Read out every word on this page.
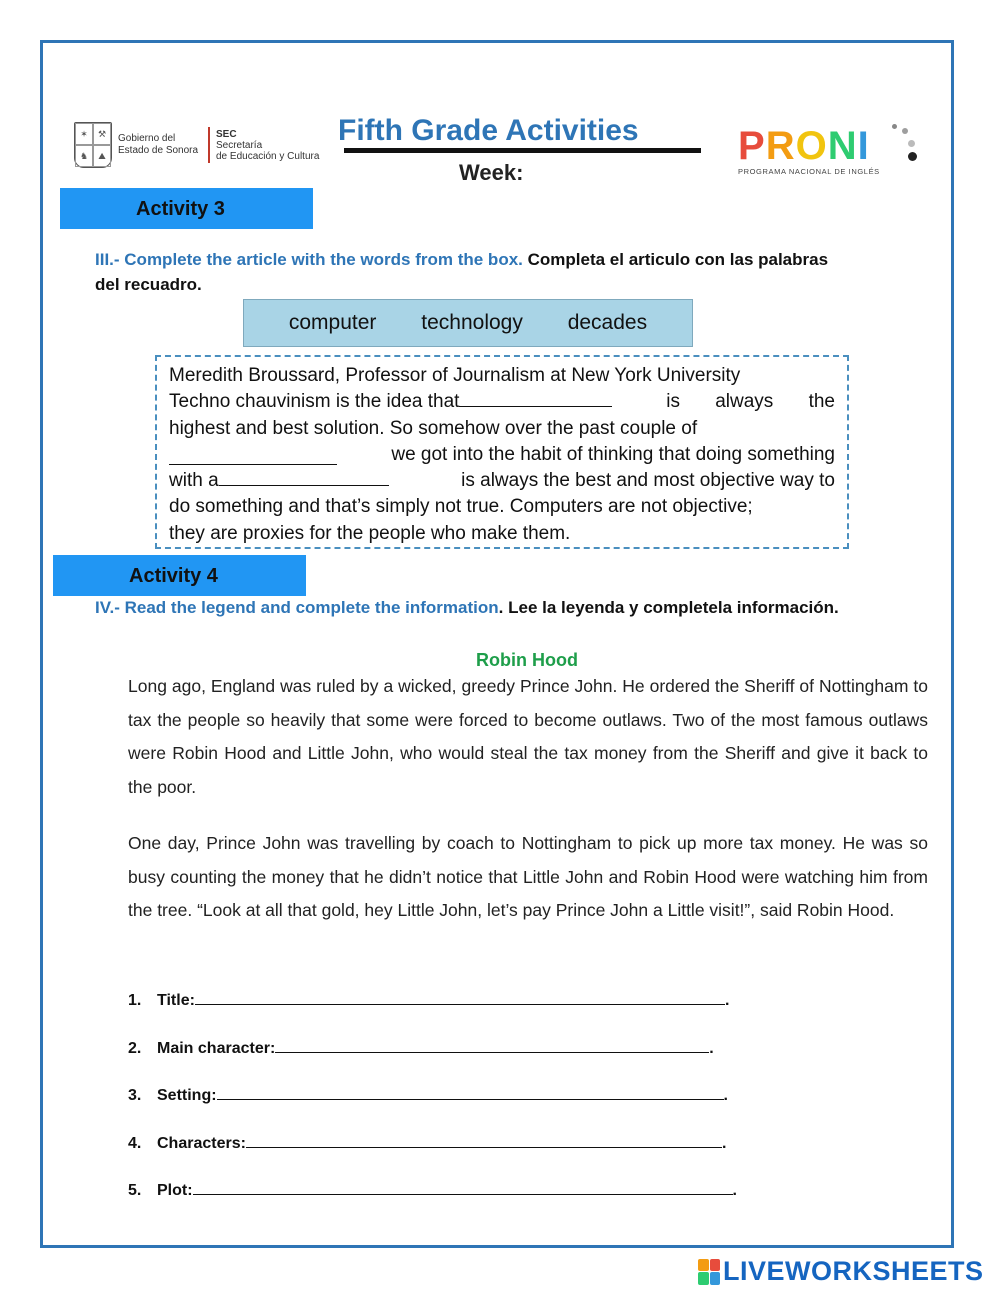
✶	⚒
♞	⛰
Gobierno del
Estado de Sonora
SEC
Secretaría
de Educación y Cultura
Fifth Grade Activities
Week:
PRONI
PROGRAMA NACIONAL DE INGLÉS
Activity 3
III.- Complete the article with the words from the box. Completa el articulo con las palabras del recuadro.
computer technology decades
Meredith Broussard, Professor of Journalism at New York University
Techno chauvinism is the idea that	is always the
highest and best solution. So somehow over the past couple of
we got into the habit of thinking that doing something
with a	is always the best and most objective way to
do something and that’s simply not true. Computers are not objective;
they are proxies for the people who make them.
Activity 4
IV.- Read the legend and complete the information. Lee la leyenda y completela información.
Robin Hood

Long ago, England was ruled by a wicked, greedy Prince John. He ordered the Sheriff of Nottingham to tax the people so heavily that some were forced to become outlaws. Two of the most famous outlaws were Robin Hood and Little John, who would steal the tax money from the Sheriff and give it back to the poor.

One day, Prince John was travelling by coach to Nottingham to pick up more tax money. He was so busy counting the money that he didn’t notice that Little John and Robin Hood were watching him from the tree. “Look at all that gold, hey Little John, let’s pay Prince John a Little visit!”, said Robin Hood.

1. Title:	.
2. Main character:	.
3. Setting:	.
4. Characters:	.
5. Plot:	.
LIVEWORKSHEETS
